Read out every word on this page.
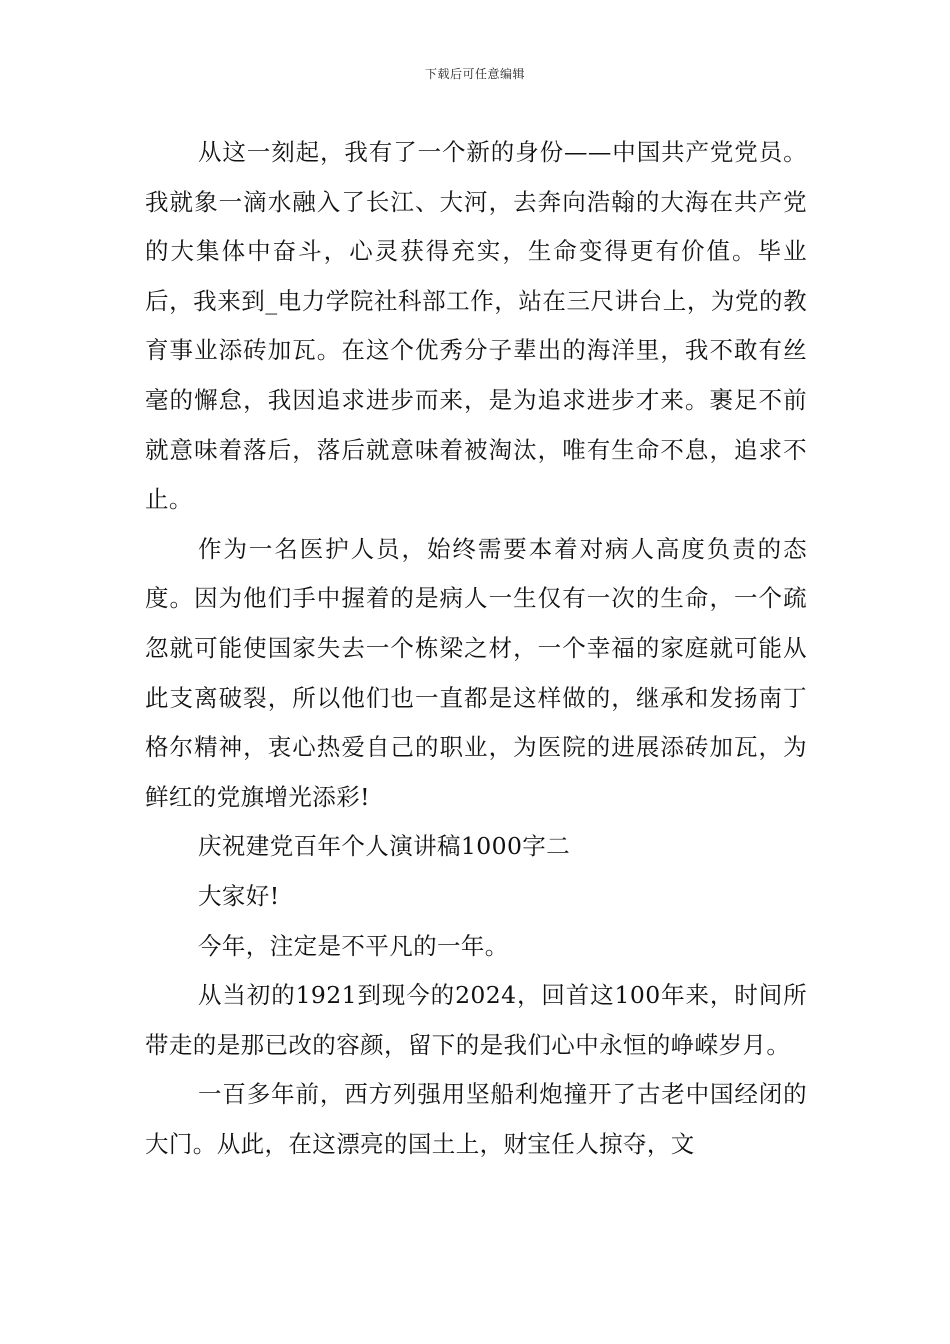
下载后可任意编辑

从这一刻起，我有了一个新的身份——中国共产党党员。我就象一滴水融入了长江、大河，去奔向浩翰的大海在共产党的大集体中奋斗，心灵获得充实，生命变得更有价值。毕业后，我来到_电力学院社科部工作，站在三尺讲台上，为党的教育事业添砖加瓦。在这个优秀分子辈出的海洋里，我不敢有丝毫的懈怠，我因追求进步而来，是为追求进步才来。裹足不前就意味着落后，落后就意味着被淘汰，唯有生命不息，追求不止。

作为一名医护人员，始终需要本着对病人高度负责的态度。因为他们手中握着的是病人一生仅有一次的生命，一个疏忽就可能使国家失去一个栋梁之材，一个幸福的家庭就可能从此支离破裂，所以他们也一直都是这样做的，继承和发扬南丁格尔精神，衷心热爱自己的职业，为医院的进展添砖加瓦，为鲜红的党旗增光添彩!

庆祝建党百年个人演讲稿1000字二

大家好!

今年，注定是不平凡的一年。

从当初的1921到现今的2024，回首这100年来，时间所带走的是那已改的容颜，留下的是我们心中永恒的峥嵘岁月。

一百多年前，西方列强用坚船利炮撞开了古老中国经闭的大门。从此，在这漂亮的国土上，财宝任人掠夺，文
